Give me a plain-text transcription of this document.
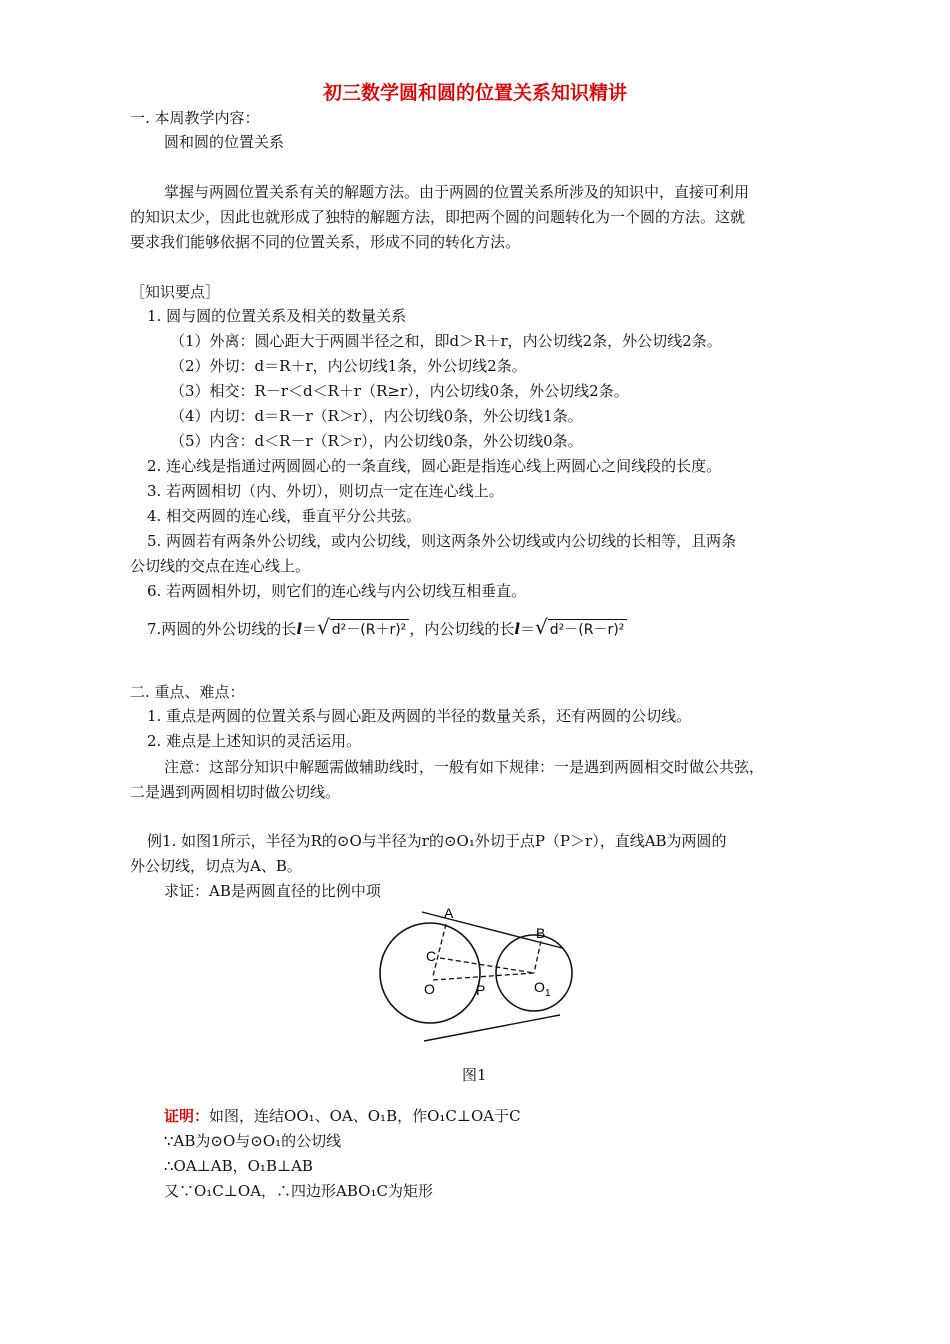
初三数学圆和圆的位置关系知识精讲
一. 本周教学内容：
圆和圆的位置关系
掌握与两圆位置关系有关的解题方法。由于两圆的位置关系所涉及的知识中，直接可利用
的知识太少，因此也就形成了独特的解题方法，即把两个圆的问题转化为一个圆的方法。这就
要求我们能够依据不同的位置关系，形成不同的转化方法。
［知识要点］
1. 圆与圆的位置关系及相关的数量关系
（1）外离：圆心距大于两圆半径之和，即d＞R＋r，内公切线2条，外公切线2条。
（2）外切：d＝R＋r，内公切线1条，外公切线2条。
（3）相交：R－r＜d＜R＋r（R≥r），内公切线0条，外公切线2条。
（4）内切：d＝R－r（R＞r），内公切线0条，外公切线1条。
（5）内含：d＜R－r（R＞r），内公切线0条，外公切线0条。
2. 连心线是指通过两圆圆心的一条直线，圆心距是指连心线上两圆心之间线段的长度。
3. 若两圆相切（内、外切），则切点一定在连心线上。
4. 相交两圆的连心线，垂直平分公共弦。
5. 两圆若有两条外公切线，或内公切线，则这两条外公切线或内公切线的长相等，且两条
公切线的交点在连心线上。
6. 若两圆相外切，则它们的连心线与内公切线互相垂直。
7.两圆的外公切线的长l＝√ d²－(R＋r)² ，内公切线的长l＝√ d²－(R－r)²
二. 重点、难点：
1. 重点是两圆的位置关系与圆心距及两圆的半径的数量关系，还有两圆的公切线。
2. 难点是上述知识的灵活运用。
注意：这部分知识中解题需做辅助线时，一般有如下规律：一是遇到两圆相交时做公共弦，
二是遇到两圆相切时做公切线。
例1. 如图1所示，半径为R的⊙O与半径为r的⊙O₁外切于点P（P＞r），直线AB为两圆的
外公切线，切点为A、B。
求证：AB是两圆直径的比例中项
A
B
C
O	P	O 1
图1
证明：如图，连结OO₁、OA、O₁B，作O₁C⊥OA于C
∵AB为⊙O与⊙O₁的公切线
∴OA⊥AB，O₁B⊥AB
又∵O₁C⊥OA，∴四边形ABO₁C为矩形
